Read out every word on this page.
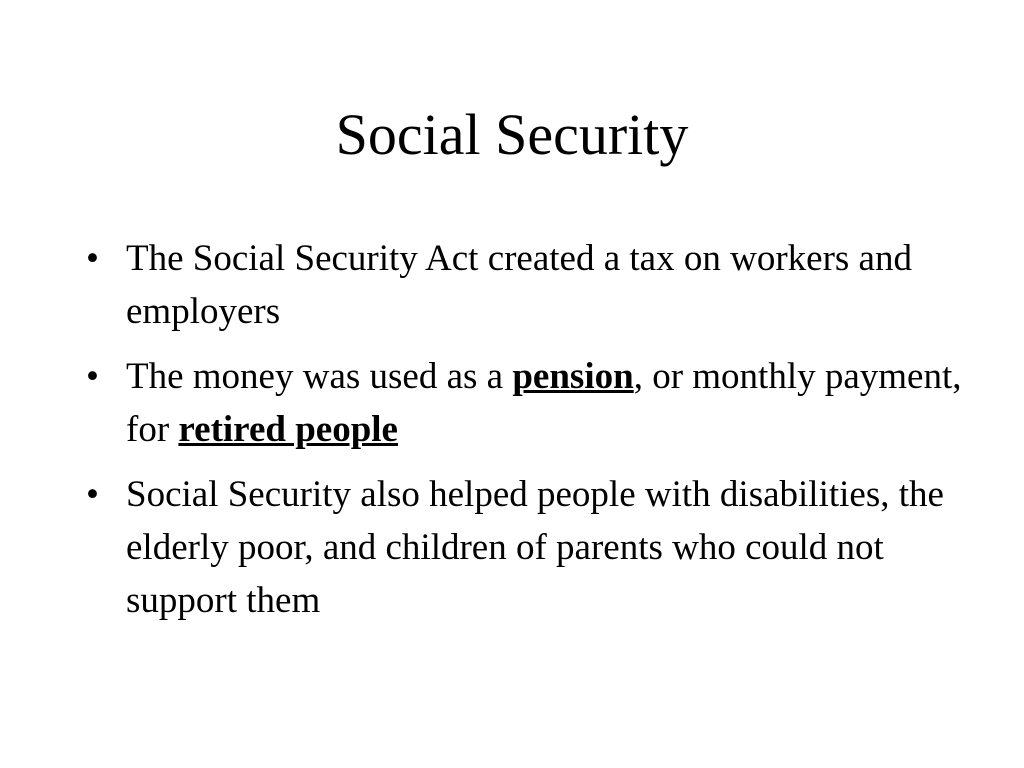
Social Security
• The Social Security Act created a tax on workers and employers
• The money was used as a pension, or monthly payment, for retired people
• Social Security also helped people with disabilities, the elderly poor, and children of parents who could not support them
